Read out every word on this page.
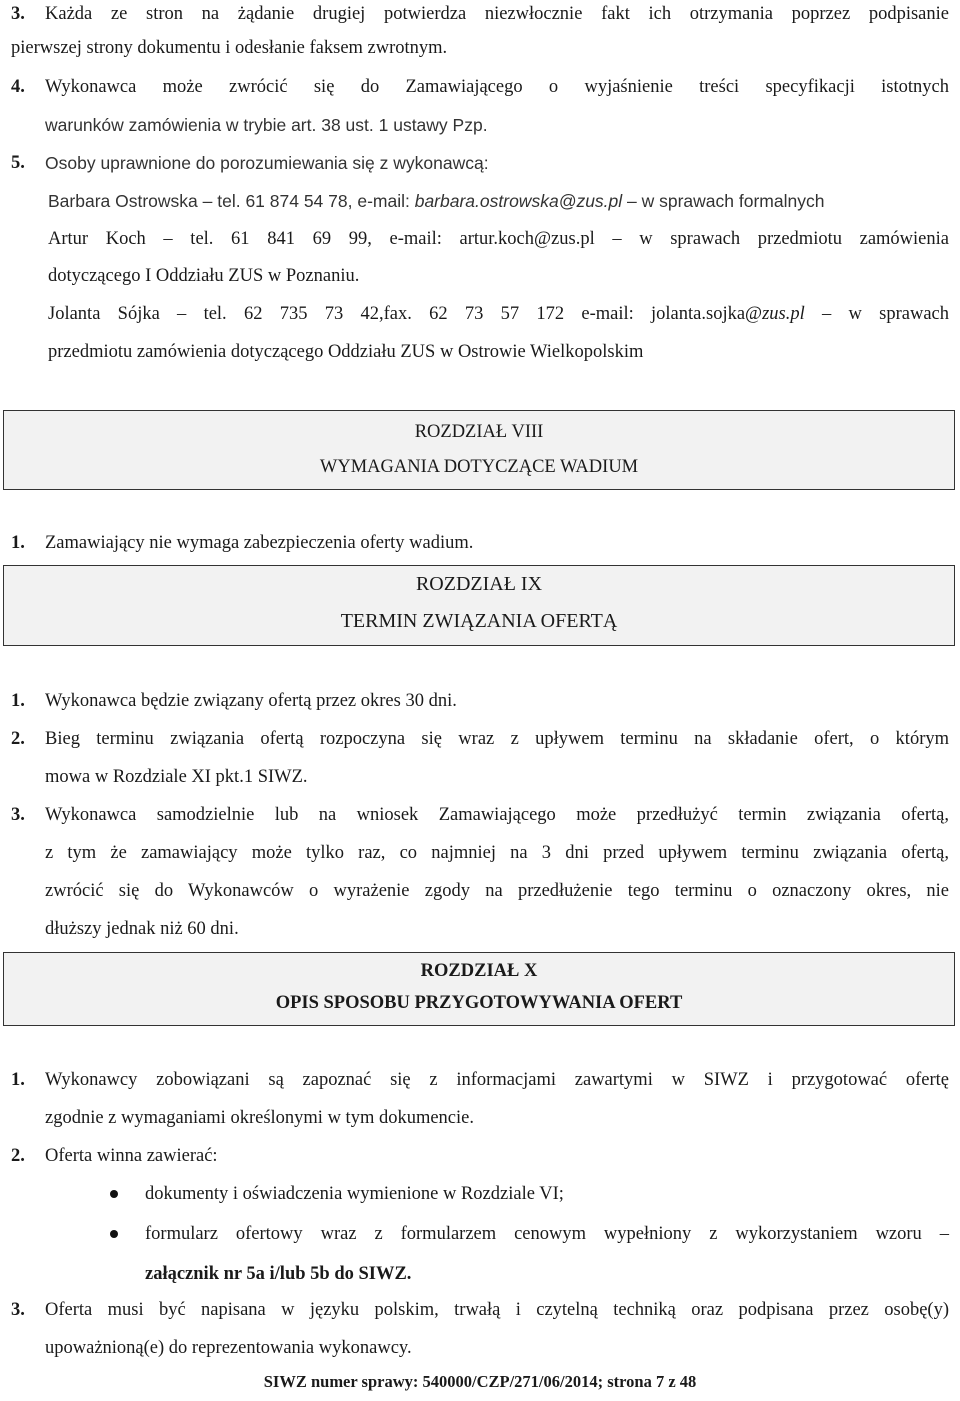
3. Każda ze stron na żądanie drugiej potwierdza niezwłocznie fakt ich otrzymania poprzez podpisanie
pierwszej strony dokumentu i odesłanie faksem zwrotnym.
4. Wykonawca może zwrócić się do Zamawiającego o wyjaśnienie treści specyfikacji istotnych
warunków zamówienia w trybie art. 38 ust. 1 ustawy Pzp.
5. Osoby uprawnione do porozumiewania się z wykonawcą:
Barbara Ostrowska – tel. 61 874 54 78, e-mail: barbara.ostrowska@zus.pl – w sprawach formalnych
Artur Koch – tel. 61 841 69 99, e-mail: artur.koch@zus.pl – w sprawach przedmiotu zamówienia
dotyczącego I Oddziału ZUS w Poznaniu.
Jolanta Sójka – tel. 62 735 73 42,fax. 62 73 57 172 e-mail: jolanta.sojka@zus.pl – w sprawach
przedmiotu zamówienia dotyczącego Oddziału ZUS w Ostrowie Wielkopolskim
ROZDZIAŁ VIII
WYMAGANIA DOTYCZĄCE WADIUM
1. Zamawiający nie wymaga zabezpieczenia oferty wadium.
ROZDZIAŁ IX
TERMIN ZWIĄZANIA OFERTĄ
1. Wykonawca będzie związany ofertą przez okres 30 dni.
2. Bieg terminu związania ofertą rozpoczyna się wraz z upływem terminu na składanie ofert, o którym
mowa w Rozdziale XI pkt.1 SIWZ.
3. Wykonawca samodzielnie lub na wniosek Zamawiającego może przedłużyć termin związania ofertą,
z tym że zamawiający może tylko raz, co najmniej na 3 dni przed upływem terminu związania ofertą,
zwrócić się do Wykonawców o wyrażenie zgody na przedłużenie tego terminu o oznaczony okres, nie
dłuższy jednak niż 60 dni.
ROZDZIAŁ X
OPIS SPOSOBU PRZYGOTOWYWANIA OFERT
1. Wykonawcy zobowiązani są zapoznać się z informacjami zawartymi w SIWZ i przygotować ofertę
zgodnie z wymaganiami określonymi w tym dokumencie.
2. Oferta winna zawierać:
dokumenty i oświadczenia wymienione w Rozdziale VI;
formularz ofertowy wraz z formularzem cenowym wypełniony z wykorzystaniem wzoru –
załącznik nr 5a i/lub 5b do SIWZ.
3. Oferta musi być napisana w języku polskim, trwałą i czytelną techniką oraz podpisana przez osobę(y)
upoważnioną(e) do reprezentowania wykonawcy.
SIWZ numer sprawy: 540000/CZP/271/06/2014; strona 7 z 48
